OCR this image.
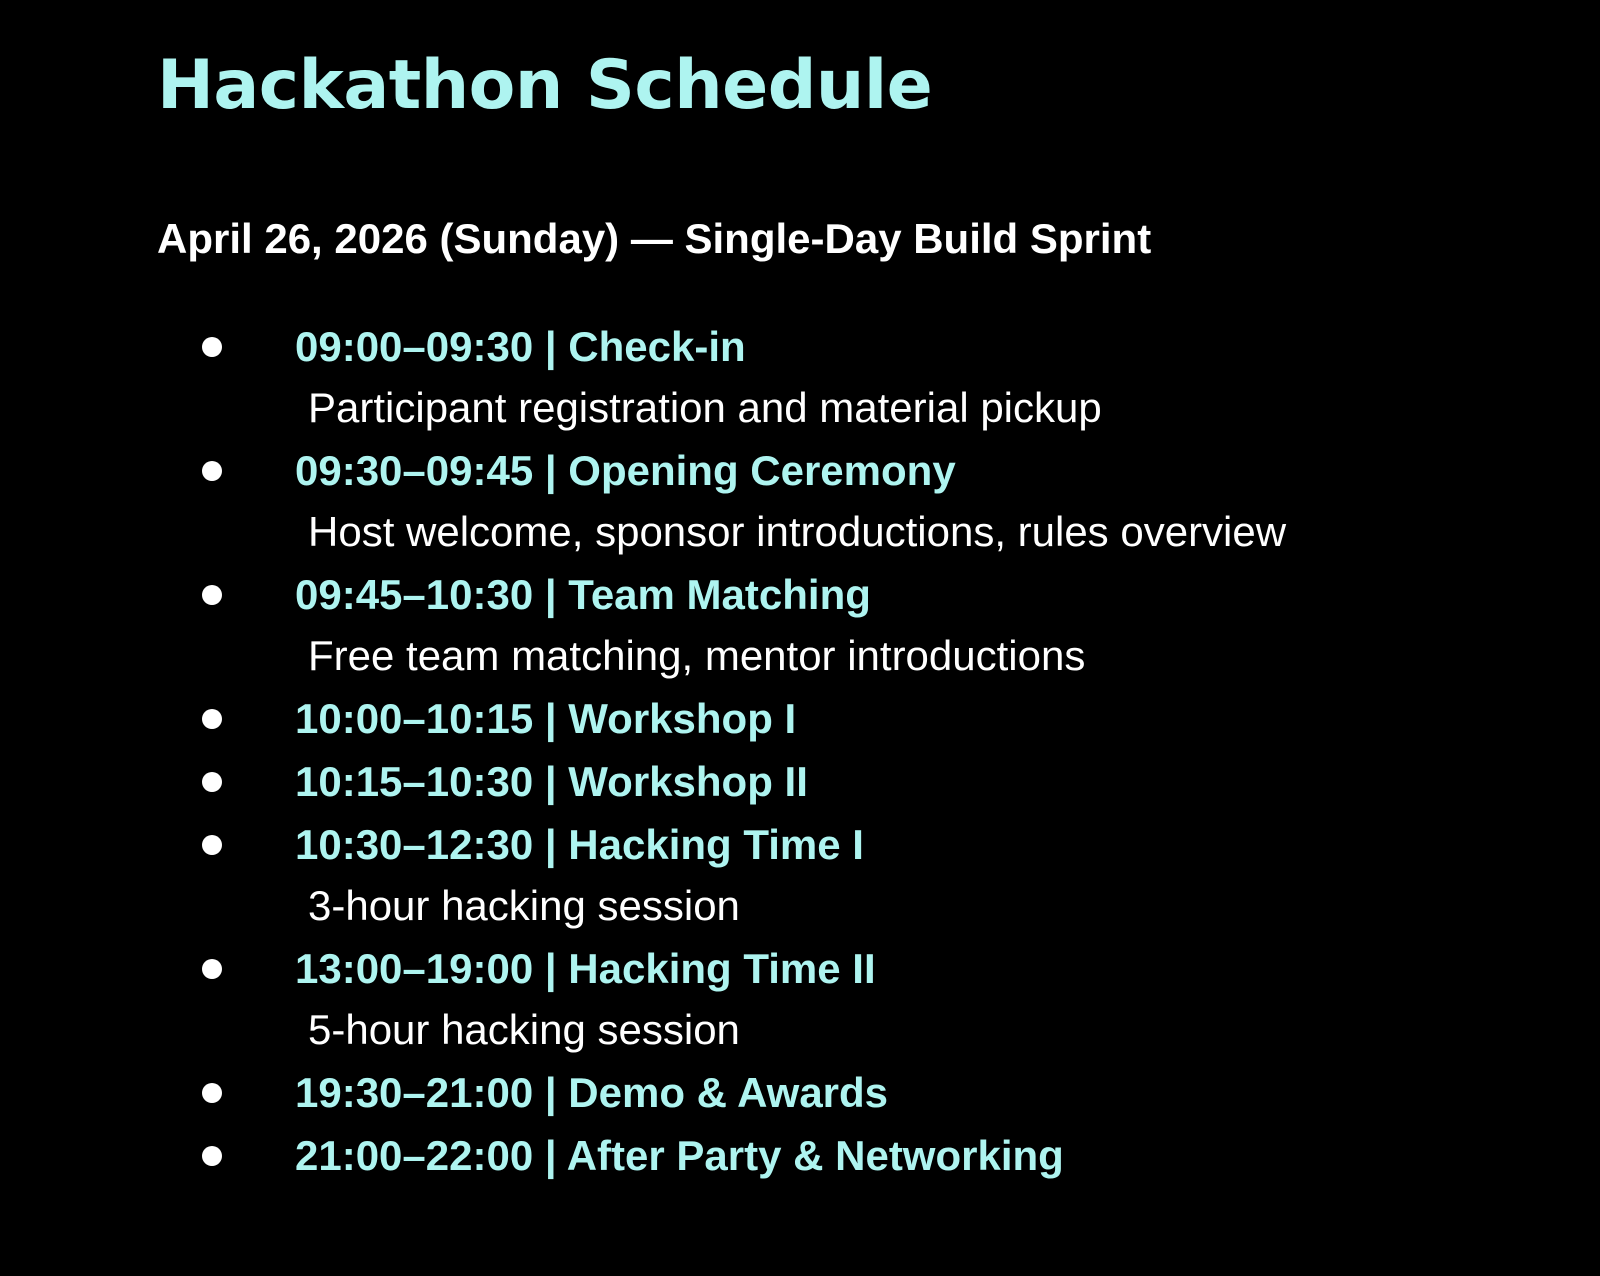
Hackathon Schedule
April 26, 2026 (Sunday) — Single-Day Build Sprint
09:00–09:30 | Check-in
Participant registration and material pickup
09:30–09:45 | Opening Ceremony
Host welcome, sponsor introductions, rules overview
09:45–10:30 | Team Matching
Free team matching, mentor introductions
10:00–10:15 | Workshop I
10:15–10:30 | Workshop II
10:30–12:30 | Hacking Time I
3-hour hacking session
13:00–19:00 | Hacking Time II
5-hour hacking session
19:30–21:00 | Demo & Awards
21:00–22:00 | After Party & Networking
